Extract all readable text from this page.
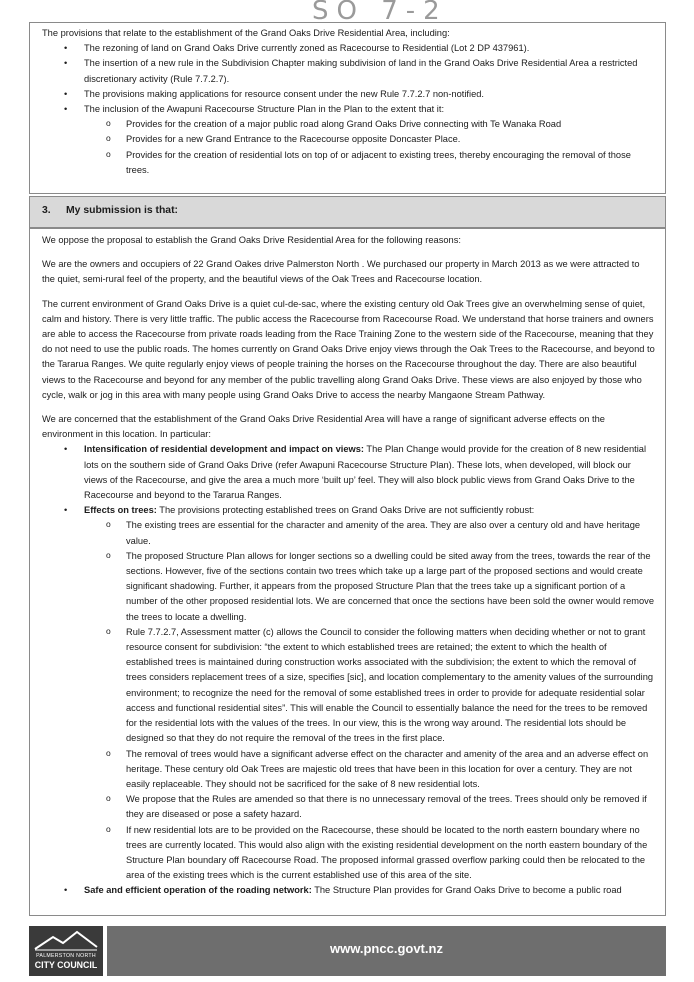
SO 7-2

The provisions that relate to the establishment of the Grand Oaks Drive Residential Area, including:

• The rezoning of land on Grand Oaks Drive currently zoned as Racecourse to Residential (Lot 2 DP 437961).
• The insertion of a new rule in the Subdivision Chapter making subdivision of land in the Grand Oaks Drive Residential Area a restricted discretionary activity (Rule 7.7.2.7).
• The provisions making applications for resource consent under the new Rule 7.7.2.7 non-notified.
• The inclusion of the Awapuni Racecourse Structure Plan in the Plan to the extent that it:
o Provides for the creation of a major public road along Grand Oaks Drive connecting with Te Wanaka Road
o Provides for a new Grand Entrance to the Racecourse opposite Doncaster Place.
o Provides for the creation of residential lots on top of or adjacent to existing trees, thereby encouraging the removal of those trees.
3. My submission is that:

We oppose the proposal to establish the Grand Oaks Drive Residential Area for the following reasons:

We are the owners and occupiers of 22 Grand Oakes drive Palmerston North . We purchased our property in March 2013 as we were attracted to the quiet, semi-rural feel of the property, and the beautiful views of the Oak Trees and Racecourse location.

The current environment of Grand Oaks Drive is a quiet cul-de-sac, where the existing century old Oak Trees give an overwhelming sense of quiet, calm and history. There is very little traffic. The public access the Racecourse from Racecourse Road. We understand that horse trainers and owners are able to access the Racecourse from private roads leading from the Race Training Zone to the western side of the Racecourse, meaning that they do not need to use the public roads. The homes currently on Grand Oaks Drive enjoy views through the Oak Trees to the Racecourse, and beyond to the Tararua Ranges. We quite regularly enjoy views of people training the horses on the Racecourse throughout the day. There are also beautiful views to the Racecourse and beyond for any member of the public travelling along Grand Oaks Drive. These views are also enjoyed by those who cycle, walk or jog in this area with many people using Grand Oaks Drive to access the nearby Mangaone Stream Pathway.

We are concerned that the establishment of the Grand Oaks Drive Residential Area will have a range of significant adverse effects on the environment in this location. In particular:

• Intensification of residential development and impact on views: The Plan Change would provide for the creation of 8 new residential lots on the southern side of Grand Oaks Drive (refer Awapuni Racecourse Structure Plan). These lots, when developed, will block our views of the Racecourse, and give the area a much more ‘built up’ feel. They will also block public views from Grand Oaks Drive to the Racecourse and beyond to the Tararua Ranges.
• Effects on trees: The provisions protecting established trees on Grand Oaks Drive are not sufficiently robust:
o The existing trees are essential for the character and amenity of the area. They are also over a century old and have heritage value.
o The proposed Structure Plan allows for longer sections so a dwelling could be sited away from the trees, towards the rear of the sections. However, five of the sections contain two trees which take up a large part of the proposed sections and would create significant shadowing. Further, it appears from the proposed Structure Plan that the trees take up a significant portion of a number of the other proposed residential lots. We are concerned that once the sections have been sold the owner would remove the trees to locate a dwelling.
o Rule 7.7.2.7, Assessment matter (c) allows the Council to consider the following matters when deciding whether or not to grant resource consent for subdivision: “the extent to which established trees are retained; the extent to which the health of established trees is maintained during construction works associated with the subdivision; the extent to which the removal of trees considers replacement trees of a size, specifies [sic], and location complementary to the amenity values of the surrounding environment; to recognize the need for the removal of some established trees in order to provide for adequate residential solar access and functional residential sites”. This will enable the Council to essentially balance the need for the trees to be removed for the residential lots with the values of the trees. In our view, this is the wrong way around. The residential lots should be designed so that they do not require the removal of the trees in the first place.
o The removal of trees would have a significant adverse effect on the character and amenity of the area and an adverse effect on heritage. These century old Oak Trees are majestic old trees that have been in this location for over a century. They are not easily replaceable. They should not be sacrificed for the sake of 8 new residential lots.
o We propose that the Rules are amended so that there is no unnecessary removal of the trees. Trees should only be removed if they are diseased or pose a safety hazard.
o If new residential lots are to be provided on the Racecourse, these should be located to the north eastern boundary where no trees are currently located. This would also align with the existing residential development on the north eastern boundary of the Structure Plan boundary off Racecourse Road. The proposed informal grassed overflow parking could then be relocated to the area of the existing trees which is the current established use of this area of the site.
• Safe and efficient operation of the roading network: The Structure Plan provides for Grand Oaks Drive to become a public road
PALMERSTON NORTH
CITY COUNCIL
www.pncc.govt.nz
